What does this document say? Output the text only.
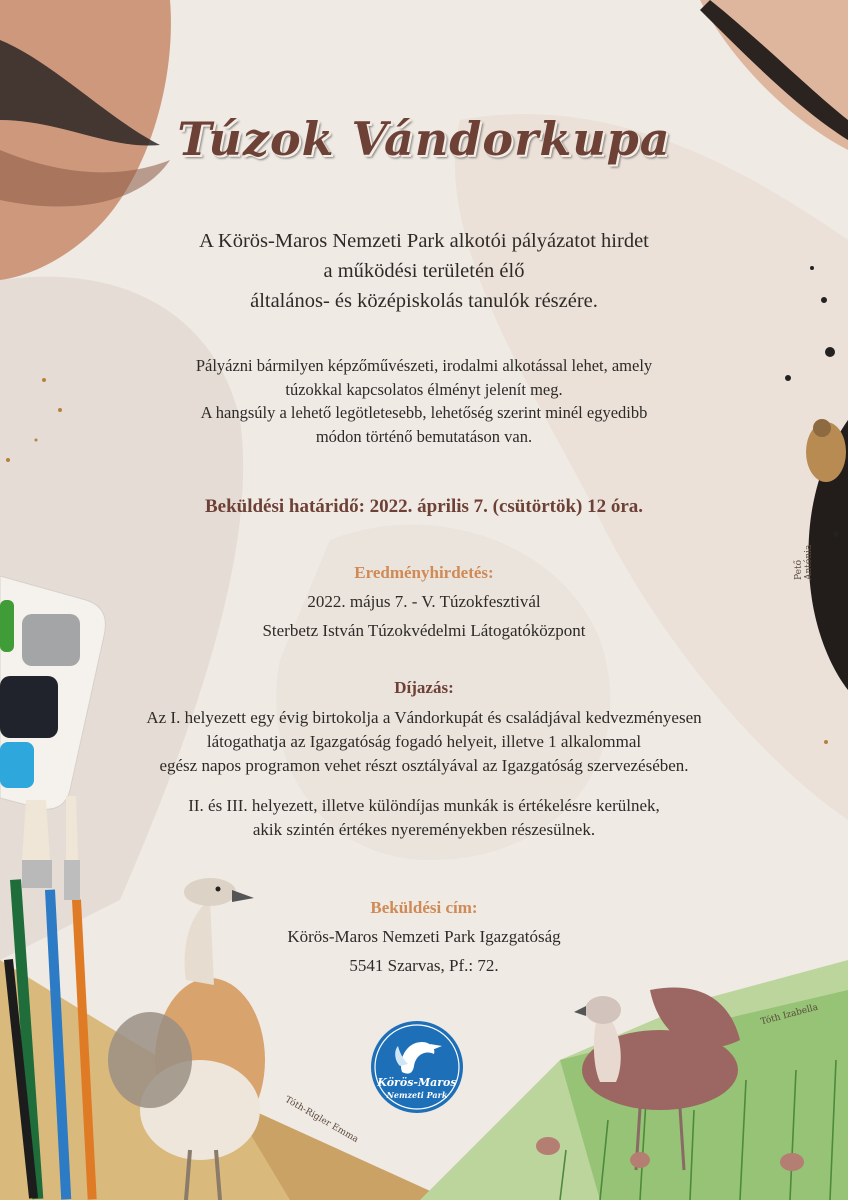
Túzok Vándorkupa
A Körös-Maros Nemzeti Park alkotói pályázatot hirdet
a működési területén élő
általános- és középiskolás tanulók részére.
Pályázni bármilyen képzőművészeti, irodalmi alkotással lehet, amely
túzokkal kapcsolatos élményt jelenít meg.
A hangsúly a lehető legötletesebb, lehetőség szerint minél egyedibb
módon történő bemutatáson van.
Beküldési határidő: 2022. április 7. (csütörtök) 12 óra.
Eredményhirdetés:
2022. május 7. - V. Túzokfesztivál
Sterbetz István Túzokvédelmi Látogatóközpont
Díjazás:
Az I. helyezett egy évig birtokolja a Vándorkupát és családjával kedvezményesen
látogathatja az Igazgatóság fogadó helyeit, illetve 1 alkalommal
egész napos programon vehet részt osztályával az Igazgatóság szervezésében.
II. és III. helyezett, illetve különdíjas munkák is értékelésre kerülnek,
akik szintén értékes nyereményekben részesülnek.
Beküldési cím:
Körös-Maros Nemzeti Park Igazgatóság
5541 Szarvas, Pf.: 72.
Körös-Maros
Nemzeti Park
Pető Antónia
Tóth-Rigler Emma
Tóth Izabella
